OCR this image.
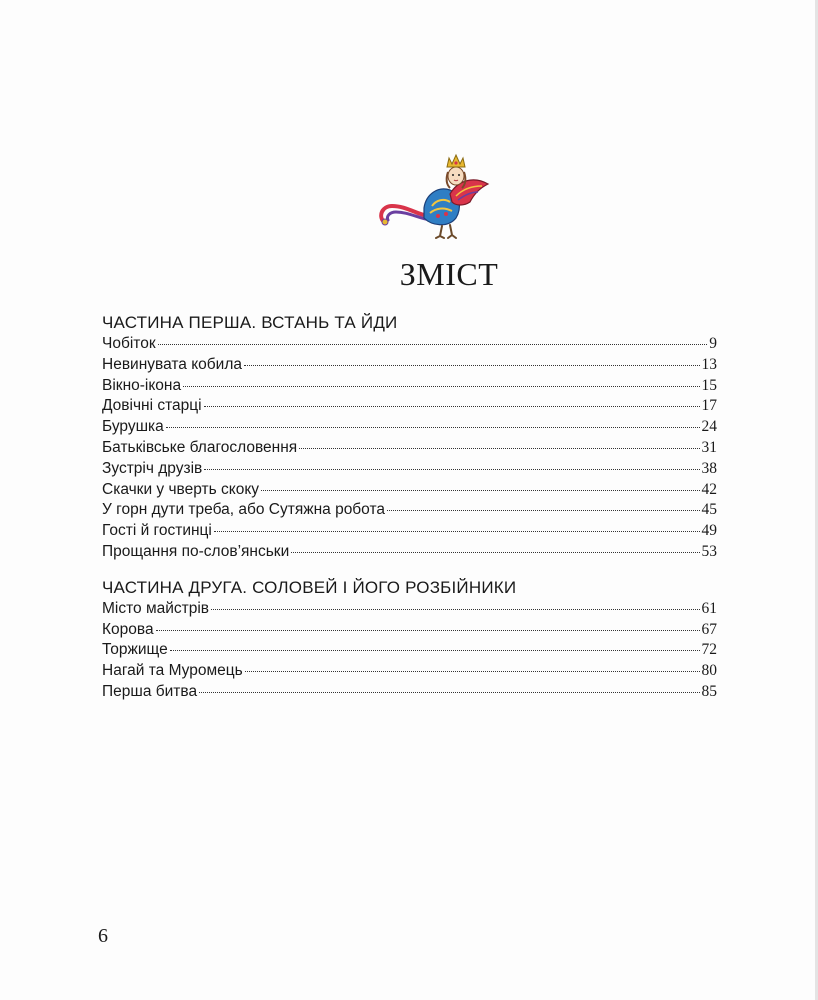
ЗМІСТ
ЧАСТИНА ПЕРША. ВСТАНЬ ТА ЙДИ
Чобіток	9
Невинувата кобила	13
Вікно-ікона	15
Довічні старці	17
Бурушка	24
Батьківське благословення	31
Зустріч друзів	38
Скачки у чверть скоку	42
У горн дути треба, або Сутяжна робота	45
Гості й гостинці	49
Прощання по-слов’янськи	53
ЧАСТИНА ДРУГА. СОЛОВЕЙ І ЙОГО РОЗБІЙНИКИ
Місто майстрів	61
Корова	67
Торжище	72
Нагай та Муромець	80
Перша битва	85
6
